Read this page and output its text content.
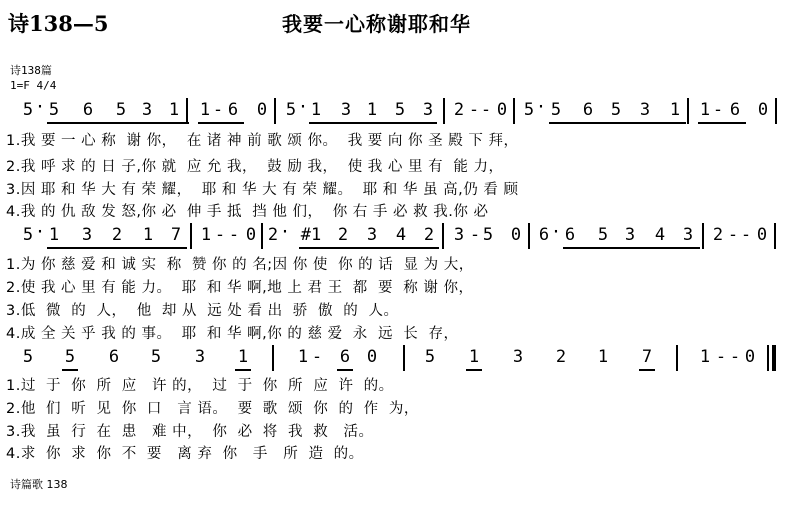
诗138—5	我要一心称谢耶和华
诗138篇
1=F 4/4
5 · 5 6 5 3 1 1 - 6 0 5 · 1 3 1 5 3 2 - - 0 5 · 5 6 5 3 1 1 - 6 0
1.我 要 一 心 称  谢 你，  在 诸 神 前 歌 颂 你。  我 要 向 你 圣 殿 下 拜，
2.我 呼 求 的 日 子,你 就  应 允 我，  鼓 励 我，  使 我 心 里 有  能 力，
3.因 耶 和 华 大 有 荣 耀，  耶 和 华 大 有 荣 耀。  耶 和 华 虽 高,仍 看 顾
4.我 的 仇 敌 发 怒,你 必  伸 手 抵  挡 他 们，  你 右 手 必 救 我.你 必
5 · 1 3 2 1 7 1 - - 0 2 · #1 2 3 4 2 3 - 5 0 6 · 6 5 3 4 3 2 - - 0
1.为 你 慈 爱 和 诚 实  称  赞 你 的 名;因 你 使  你 的 话  显 为 大，
2.使 我 心 里 有 能 力。  耶  和 华 啊,地 上 君 王  都  要  称 谢 你，
3.低  微  的  人，  他  却 从  远 处 看 出  骄  傲  的  人。
4.成 全 关 乎 我 的 事。  耶  和 华 啊,你 的 慈 爱  永  远  长  存，
5 5 6 5 3 1	1 - 6 0	5 1 3 2 1 7	1 - - 0
1.过  于  你  所  应   许 的，  过  于  你  所  应  许  的。
2.他  们  听  见  你  口   言 语。  要  歌  颂  你  的  作  为，
3.我  虽  行  在  患   难 中，  你  必  将  我  救   活。
4.求  你  求  你  不  要   离 弃  你   手   所  造  的。
诗篇歌 138
